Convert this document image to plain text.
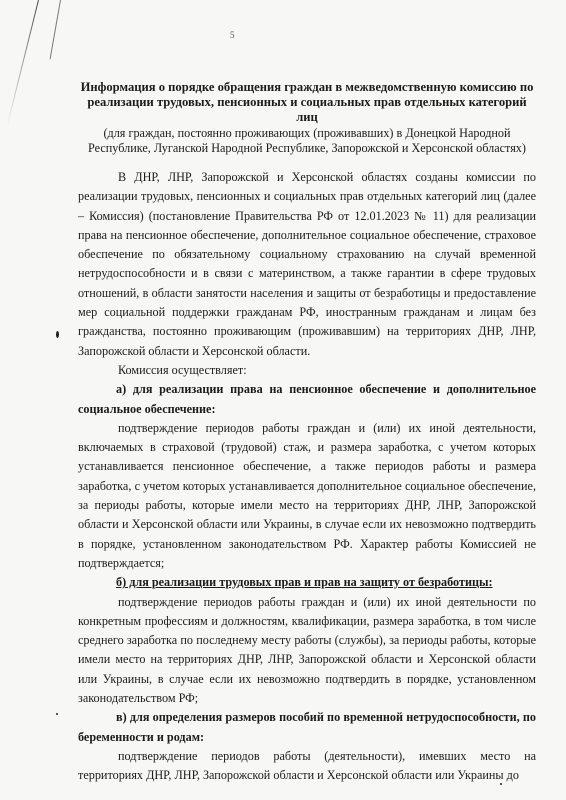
5

Информация о порядке обращения граждан в межведомственную комиссию по реализации трудовых, пенсионных и социальных прав отдельных категорий лиц

(для граждан, постоянно проживающих (проживавших) в Донецкой Народной Республике, Луганской Народной Республике, Запорожской и Херсонской областях)

В ДНР, ЛНР, Запорожской и Херсонской областях созданы комиссии по реализации трудовых, пенсионных и социальных прав отдельных категорий лиц (далее – Комиссия) (постановление Правительства РФ от 12.01.2023 № 11) для реализации права на пенсионное обеспечение, дополнительное социальное обеспечение, страховое обеспечение по обязательному социальному страхованию на случай временной нетрудоспособности и в связи с материнством, а также гарантии в сфере трудовых отношений, в области занятости населения и защиты от безработицы и предоставление мер социальной поддержки гражданам РФ, иностранным гражданам и лицам без гражданства, постоянно проживающим (проживавшим) на территориях ДНР, ЛНР, Запорожской области и Херсонской области.

Комиссия осуществляет:

а) для реализации права на пенсионное обеспечение и дополнительное социальное обеспечение:

подтверждение периодов работы граждан и (или) их иной деятельности, включаемых в страховой (трудовой) стаж, и размера заработка, с учетом которых устанавливается пенсионное обеспечение, а также периодов работы и размера заработка, с учетом которых устанавливается дополнительное социальное обеспечение, за периоды работы, которые имели место на территориях ДНР, ЛНР, Запорожской области и Херсонской области или Украины, в случае если их невозможно подтвердить в порядке, установленном законодательством РФ. Характер работы Комиссией не подтверждается;

б) для реализации трудовых прав и прав на защиту от безработицы:

подтверждение периодов работы граждан и (или) их иной деятельности по конкретным профессиям и должностям, квалификации, размера заработка, в том числе среднего заработка по последнему месту работы (службы), за периоды работы, которые имели место на территориях ДНР, ЛНР, Запорожской области и Херсонской области или Украины, в случае если их невозможно подтвердить в порядке, установленном законодательством РФ;

в) для определения размеров пособий по временной нетрудоспособности, по беременности и родам:

подтверждение периодов работы (деятельности), имевших место на территориях ДНР, ЛНР, Запорожской области и Херсонской области или Украины до
